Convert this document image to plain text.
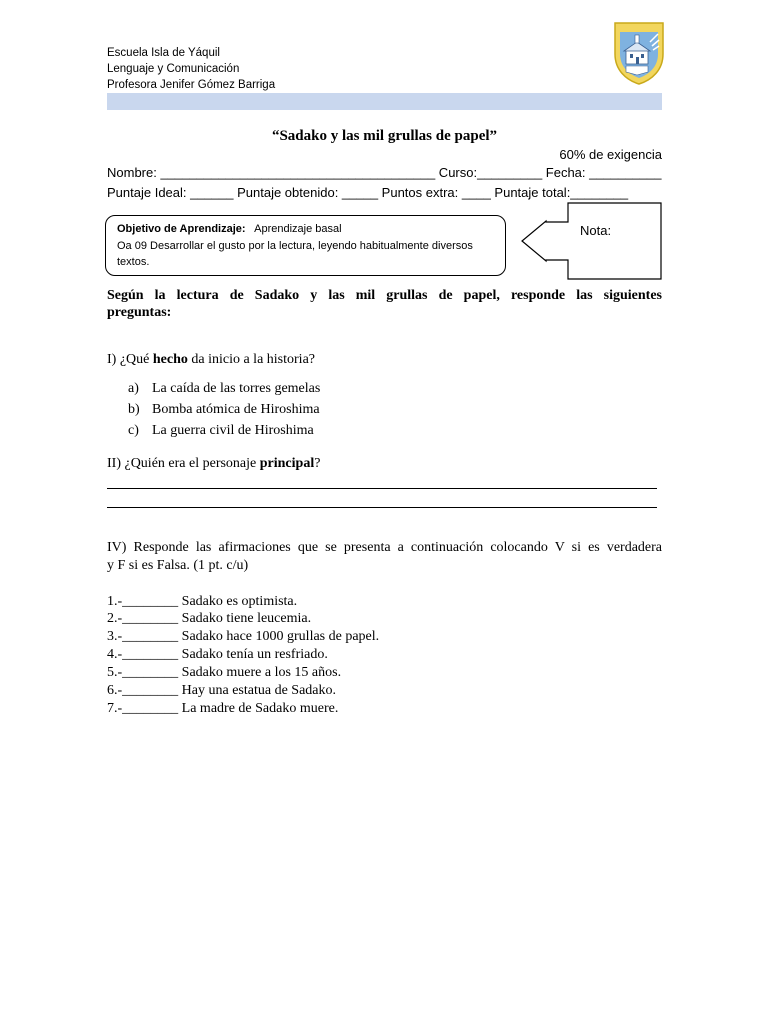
Escuela Isla de Yáquil
Lenguaje y Comunicación
Profesora Jenifer Gómez Barriga
“Sadako y las mil grullas de papel”
60% de exigencia
Nombre: ______________________________________ Curso:_________ Fecha: __________
Puntaje Ideal: ______ Puntaje obtenido: _____ Puntos extra: ____ Puntaje total:________
Objetivo de Aprendizaje: Aprendizaje basal
Oa 09 Desarrollar el gusto por la lectura, leyendo habitualmente diversos
textos.
Nota:
Según la lectura de Sadako y las mil grullas de papel, responde las siguientes
preguntas:
I) ¿Qué hecho da inicio a la historia?
a) La caída de las torres gemelas
b) Bomba atómica de Hiroshima
c) La guerra civil de Hiroshima
II) ¿Quién era el personaje principal?
IV) Responde las afirmaciones que se presenta a continuación colocando V si es verdadera
y F si es Falsa. (1 pt. c/u)
1.-________ Sadako es optimista.
2.-________ Sadako tiene leucemia.
3.-________ Sadako hace 1000 grullas de papel.
4.-________ Sadako tenía un resfriado.
5.-________ Sadako muere a los 15 años.
6.-________ Hay una estatua de Sadako.
7.-________ La madre de Sadako muere.
